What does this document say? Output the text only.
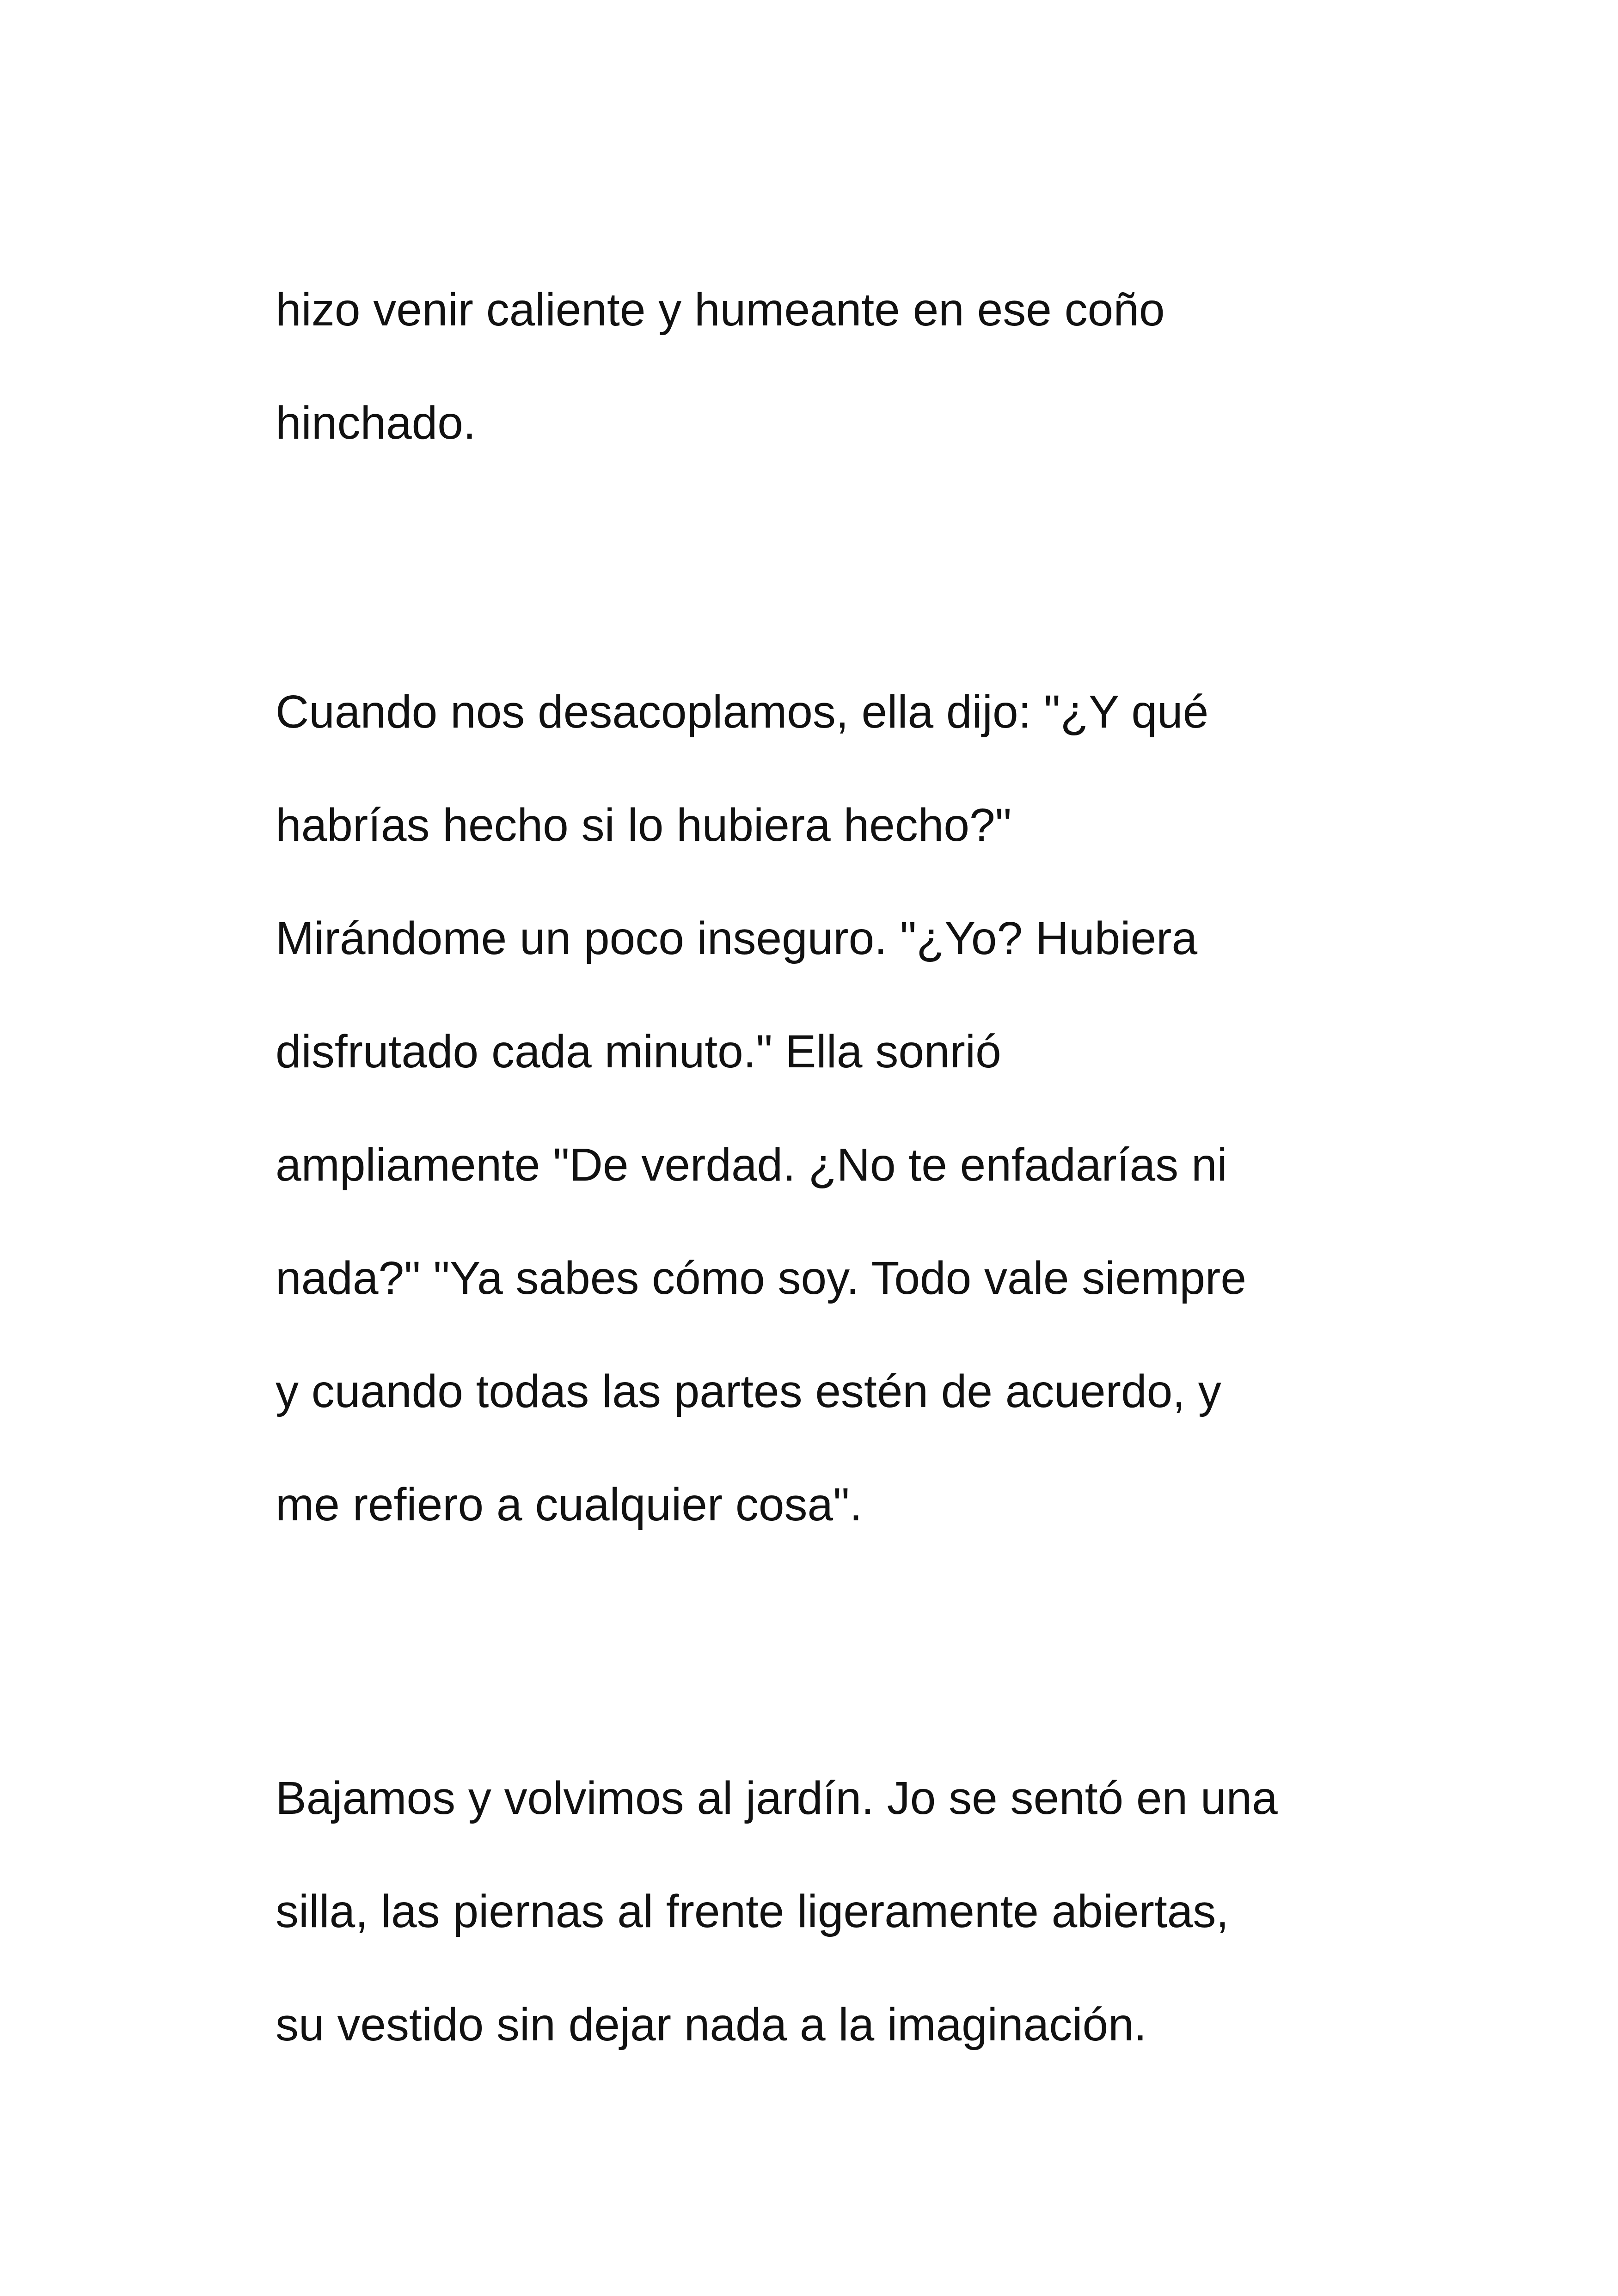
hizo venir caliente y humeante en ese coño
hinchado.
Cuando nos desacoplamos, ella dijo: "¿Y qué
habrías hecho si lo hubiera hecho?"
Mirándome un poco inseguro. "¿Yo? Hubiera
disfrutado cada minuto." Ella sonrió
ampliamente "De verdad. ¿No te enfadarías ni
nada?" "Ya sabes cómo soy. Todo vale siempre
y cuando todas las partes estén de acuerdo, y
me refiero a cualquier cosa".
Bajamos y volvimos al jardín. Jo se sentó en una
silla, las piernas al frente ligeramente abiertas,
su vestido sin dejar nada a la imaginación.
